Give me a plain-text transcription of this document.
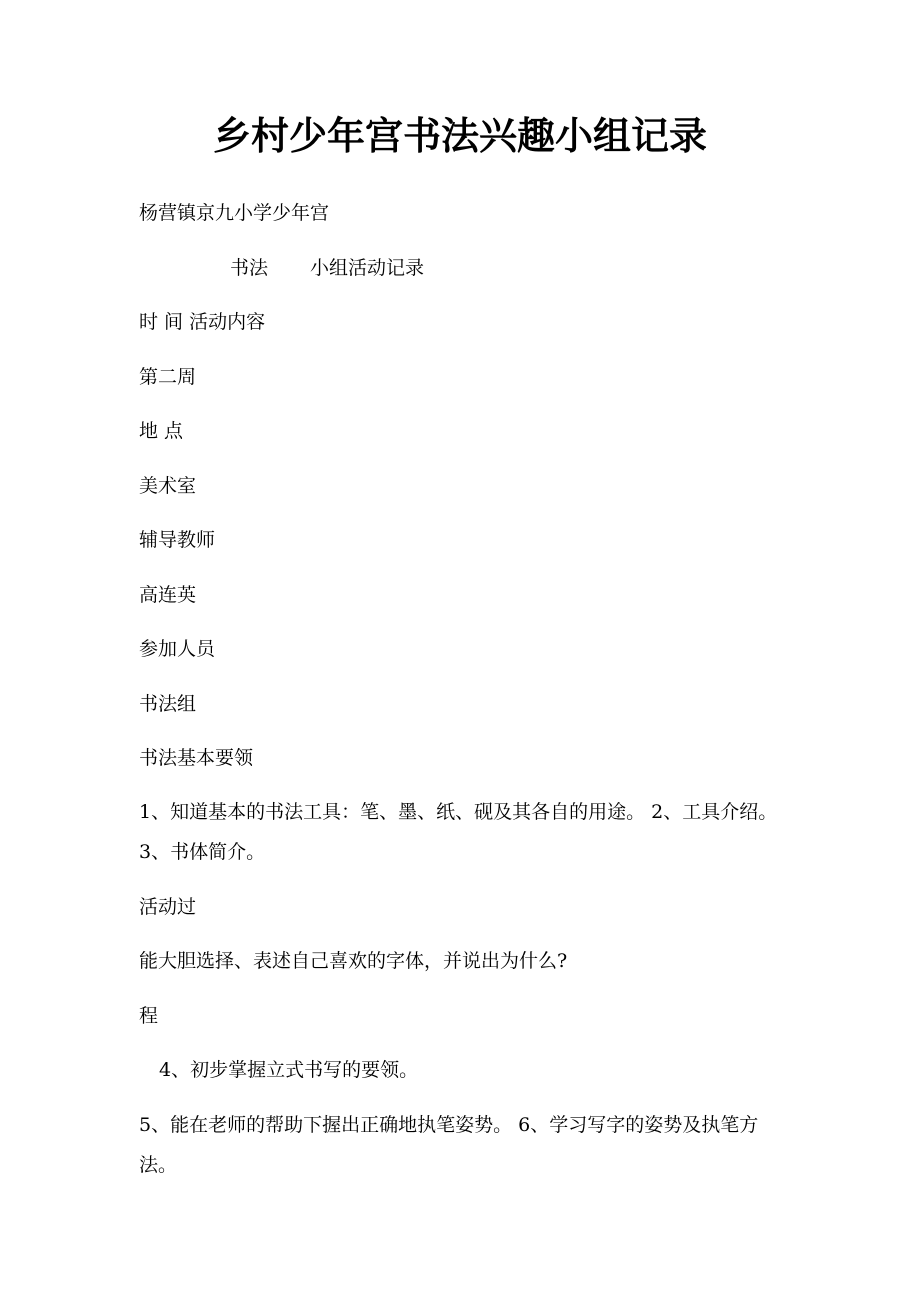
乡村少年宫书法兴趣小组记录

杨营镇京九小学少年宫

书法 小组活动记录

时 间 活动内容

第二周

地 点

美术室

辅导教师

高连英

参加人员

书法组

书法基本要领

1、知道基本的书法工具：笔、墨、纸、砚及其各自的用途。 2、工具介绍。 3、书体简介。

活动过

能大胆选择、表述自己喜欢的字体，并说出为什么?

程

4、初步掌握立式书写的要领。

5、能在老师的帮助下握出正确地执笔姿势。 6、学习写字的姿势及执笔方法。
